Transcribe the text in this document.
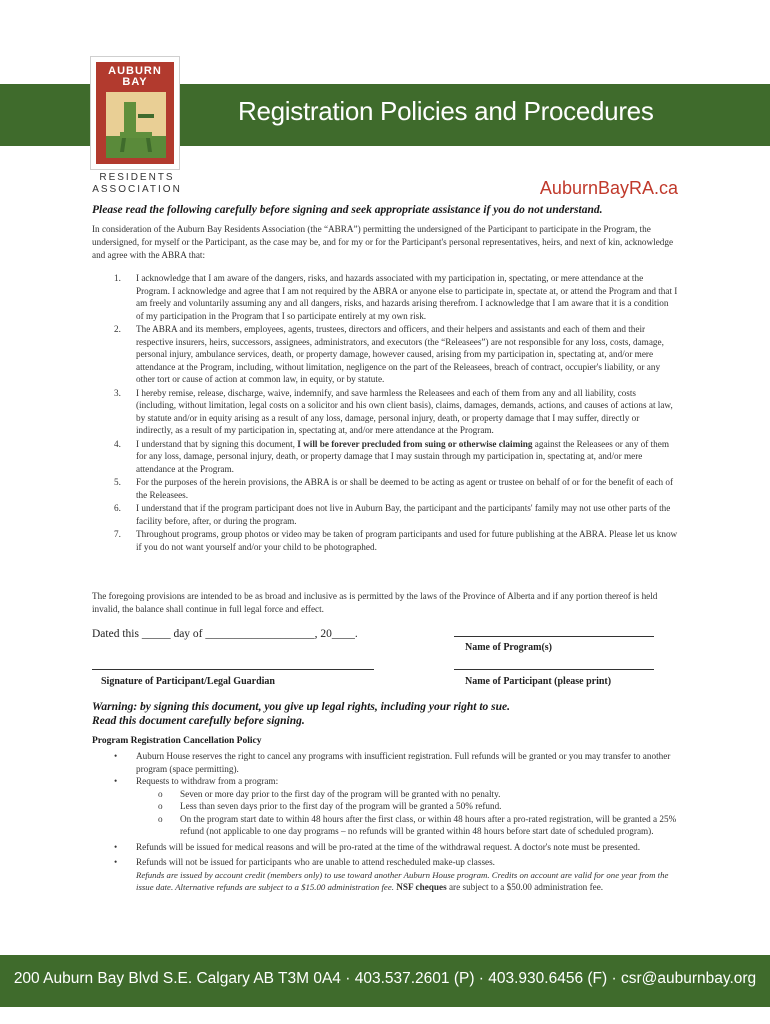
Registration Policies and Procedures
AUBURN
BAY
RESIDENTS
ASSOCIATION	AuburnBayRA.ca
Please read the following carefully before signing and seek appropriate assistance if you do not understand.
In consideration of the Auburn Bay Residents Association (the “ABRA”) permitting the undersigned of the Participant to participate in the Program, the undersigned, for myself or the Participant, as the case may be, and for my or for the Participant's personal representatives, heirs, and next of kin, acknowledge and agree with the ABRA that:
1. I acknowledge that I am aware of the dangers, risks, and hazards associated with my participation in, spectating, or mere attendance at the Program. I acknowledge and agree that I am not required by the ABRA or anyone else to participate in, spectate at, or attend the Program and that I am freely and voluntarily assuming any and all dangers, risks, and hazards arising therefrom. I acknowledge that I am aware that it is a condition of my participation in the Program that I so participate entirely at my own risk.
2. The ABRA and its members, employees, agents, trustees, directors and officers, and their helpers and assistants and each of them and their respective insurers, heirs, successors, assignees, administrators, and executors (the “Releasees”) are not responsible for any loss, costs, damage, personal injury, ambulance services, death, or property damage, however caused, arising from my participation in, spectating at, and/or mere attendance at the Program, including, without limitation, negligence on the part of the Releasees, breach of contract, occupier's liability, or any other tort or cause of action at common law, in equity, or by statute.
3. I hereby remise, release, discharge, waive, indemnify, and save harmless the Releasees and each of them from any and all liability, costs (including, without limitation, legal costs on a solicitor and his own client basis), claims, damages, demands, actions, and causes of actions at law, by statute and/or in equity arising as a result of any loss, damage, personal injury, death, or property damage that I may suffer, directly or indirectly, as a result of my participation in, spectating at, and/or mere attendance at the Program.
4. I understand that by signing this document, I will be forever precluded from suing or otherwise claiming against the Releasees or any of them for any loss, damage, personal injury, death, or property damage that I may sustain through my participation in, spectating at, and/or mere attendance at the Program.
5. For the purposes of the herein provisions, the ABRA is or shall be deemed to be acting as agent or trustee on behalf of or for the benefit of each of the Releasees.
6. I understand that if the program participant does not live in Auburn Bay, the participant and the participants' family may not use other parts of the facility before, after, or during the program.
7. Throughout programs, group photos or video may be taken of program participants and used for future publishing at the ABRA. Please let us know if you do not want yourself and/or your child to be photographed.
The foregoing provisions are intended to be as broad and inclusive as is permitted by the laws of the Province of Alberta and if any portion thereof is held invalid, the balance shall continue in full legal force and effect.
Dated this _____ day of ___________________, 20____.
Name of Program(s)
Signature of Participant/Legal Guardian	Name of Participant (please print)
Warning: by signing this document, you give up legal rights, including your right to sue.
Read this document carefully before signing.
Program Registration Cancellation Policy
• Auburn House reserves the right to cancel any programs with insufficient registration. Full refunds will be granted or you may transfer to another program (space permitting).
• Requests to withdraw from a program:
o Seven or more day prior to the first day of the program will be granted with no penalty.
o Less than seven days prior to the first day of the program will be granted a 50% refund.
o On the program start date to within 48 hours after the first class, or within 48 hours after a pro-rated registration, will be granted a 25% refund (not applicable to one day programs – no refunds will be granted within 48 hours before start date of scheduled program).
• Refunds will be issued for medical reasons and will be pro-rated at the time of the withdrawal request. A doctor's note must be presented.
• Refunds will not be issued for participants who are unable to attend rescheduled make-up classes.
Refunds are issued by account credit (members only) to use toward another Auburn House program. Credits on account are valid for one year from the issue date. Alternative refunds are subject to a $15.00 administration fee. NSF cheques are subject to a $50.00 administration fee.
200 Auburn Bay Blvd S.E. Calgary AB T3M 0A4 · 403.537.2601 (P) · 403.930.6456 (F) · csr@auburnbay.org
